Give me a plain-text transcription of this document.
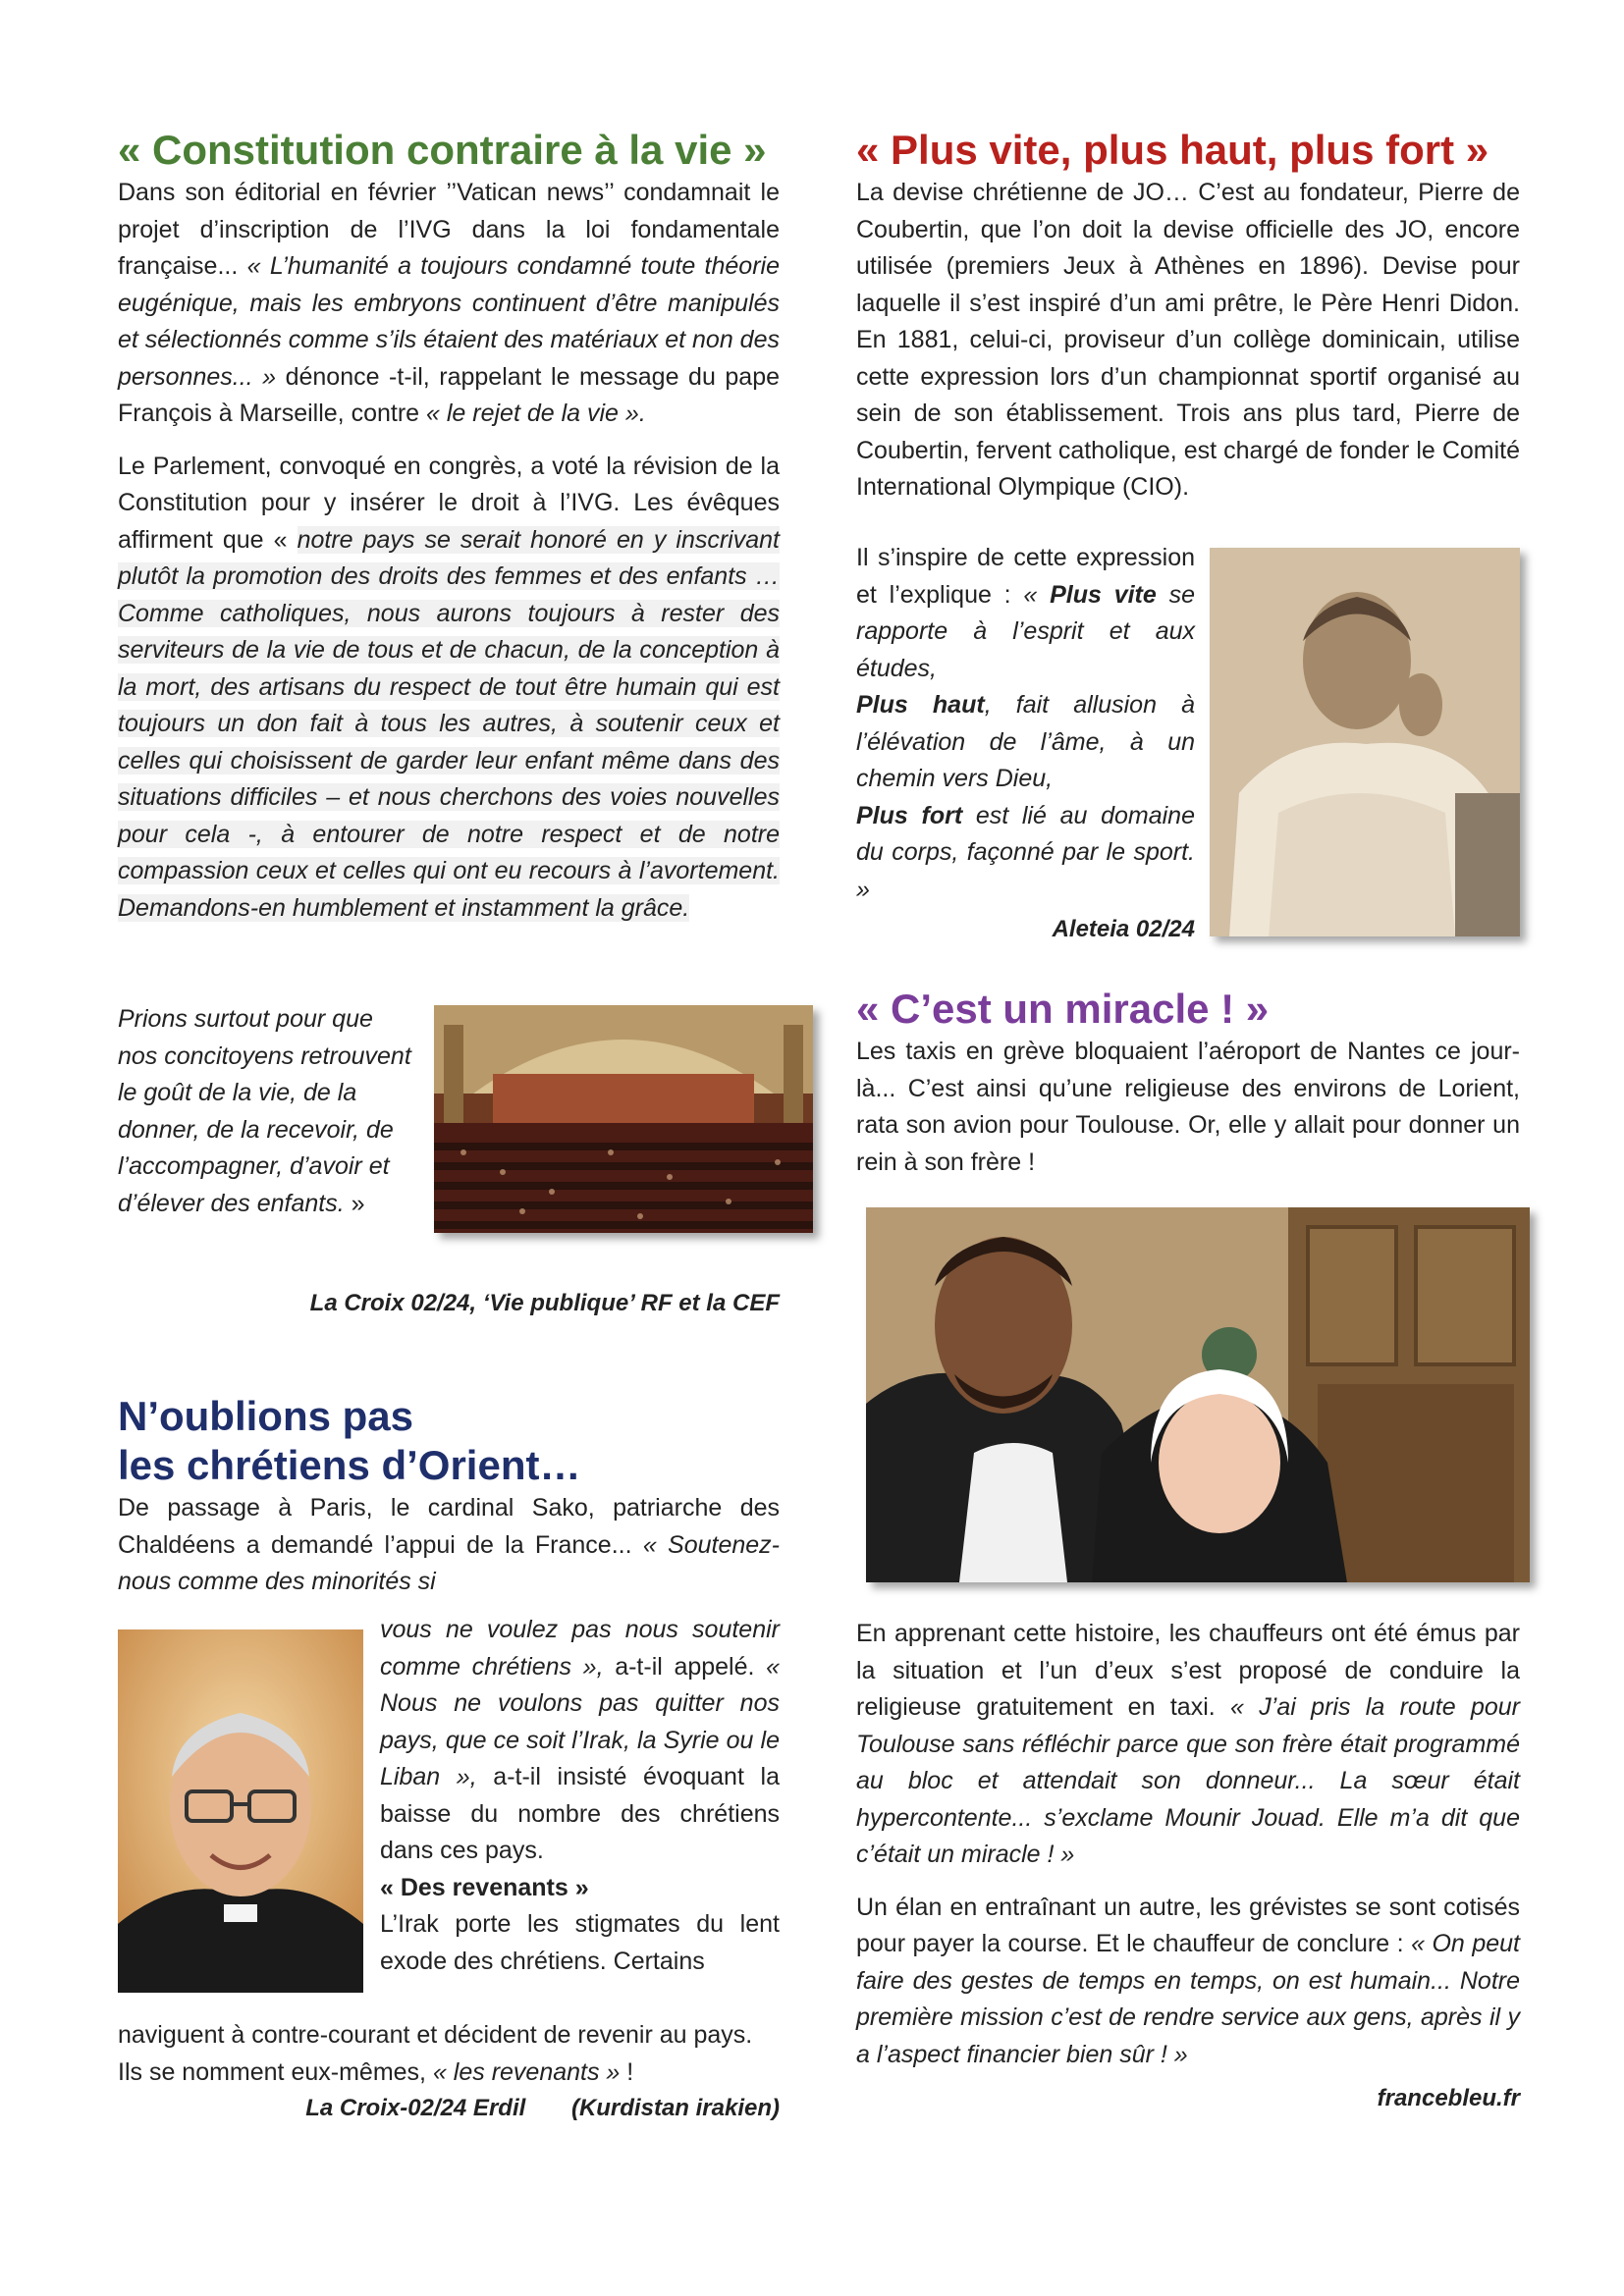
« Constitution contraire à la vie »

Dans son éditorial en février ’’Vatican news’’ condamnait le projet d’inscription de l’IVG dans la loi fondamentale française... « L’humanité a toujours condamné toute théorie eugénique, mais les embryons continuent d’être manipulés et sélectionnés comme s’ils étaient des matériaux et non des personnes... » dénonce -t-il, rappelant le message du pape François à Marseille, contre « le rejet de la vie ».

Le Parlement, convoqué en congrès, a voté la révision de la Constitution pour y insérer le droit à l’IVG. Les évêques affirment que « notre pays se serait honoré en y inscrivant plutôt la promotion des droits des femmes et des enfants … Comme catholiques, nous aurons toujours à rester des serviteurs de la vie de tous et de chacun, de la conception à la mort, des artisans du respect de tout être humain qui est toujours un don fait à tous les autres, à soutenir ceux et celles qui choisissent de garder leur enfant même dans des situations difficiles – et nous cherchons des voies nouvelles pour cela -, à entourer de notre respect et de notre compassion ceux et celles qui ont eu recours à l’avortement. Demandons-en humblement et instamment la grâce.

Prions surtout pour que nos concitoyens retrouvent le goût de la vie, de la donner, de la recevoir, de l’accompagner, d’avoir et d’élever des enfants. »

La Croix 02/24, ‘Vie publique’ RF et la CEF
N’oublions pas
les chrétiens d’Orient…

De passage à Paris, le cardinal Sako, patriarche des Chaldéens a demandé l’appui de la France... « Soutenez-nous comme des minorités si

vous ne voulez pas nous soutenir comme chrétiens », a-t-il appelé. « Nous ne voulons pas quitter nos pays, que ce soit l’Irak, la Syrie ou le Liban », a-t-il insisté évoquant la baisse du nombre des chrétiens dans ces pays.

« Des revenants »

L’Irak porte les stigmates du lent exode des chrétiens. Certains

naviguent à contre-courant et décident de revenir au pays.

Ils se nomment eux-mêmes, « les revenants » !

La Croix-02/24 Erdil       (Kurdistan irakien)
« Plus vite, plus haut, plus fort »

La devise chrétienne de JO… C’est au fondateur, Pierre de Coubertin, que l’on doit la devise officielle des JO, encore utilisée (premiers Jeux à Athènes en 1896). Devise pour laquelle il s’est inspiré d’un ami prêtre, le Père Henri Didon. En 1881, celui-ci, proviseur d’un collège dominicain, utilise cette expression lors d’un championnat sportif organisé au sein de son établissement. Trois ans plus tard, Pierre de Coubertin, fervent catholique, est chargé de fonder le Comité International Olympique (CIO).

Il s’inspire de cette expression et l’explique : « Plus vite se rapporte à l’esprit et aux études,
Plus haut, fait allusion à l’élévation de l’âme, à un chemin vers Dieu,
Plus fort est lié au domaine du corps, façonné par le sport. »

Aleteia 02/24
« C’est un miracle ! »

Les taxis en grève bloquaient l’aéroport de Nantes ce jour-là... C’est ainsi qu’une religieuse des environs de Lorient, rata son avion pour Toulouse. Or, elle y allait pour donner un rein à son frère !

En apprenant cette histoire, les chauffeurs ont été émus par la situation et l’un d’eux s’est proposé de conduire la religieuse gratuitement en taxi. « J’ai pris la route pour Toulouse sans réfléchir parce que son frère était programmé au bloc et attendait son donneur... La sœur était hypercontente... s’exclame Mounir Jouad. Elle m’a dit que c’était un miracle ! »

Un élan en entraînant un autre, les grévistes se sont cotisés pour payer la course. Et le chauffeur de conclure : « On peut faire des gestes de temps en temps, on est humain... Notre première mission c’est de rendre service aux gens, après il y a l’aspect financier bien sûr ! »

francebleu.fr
